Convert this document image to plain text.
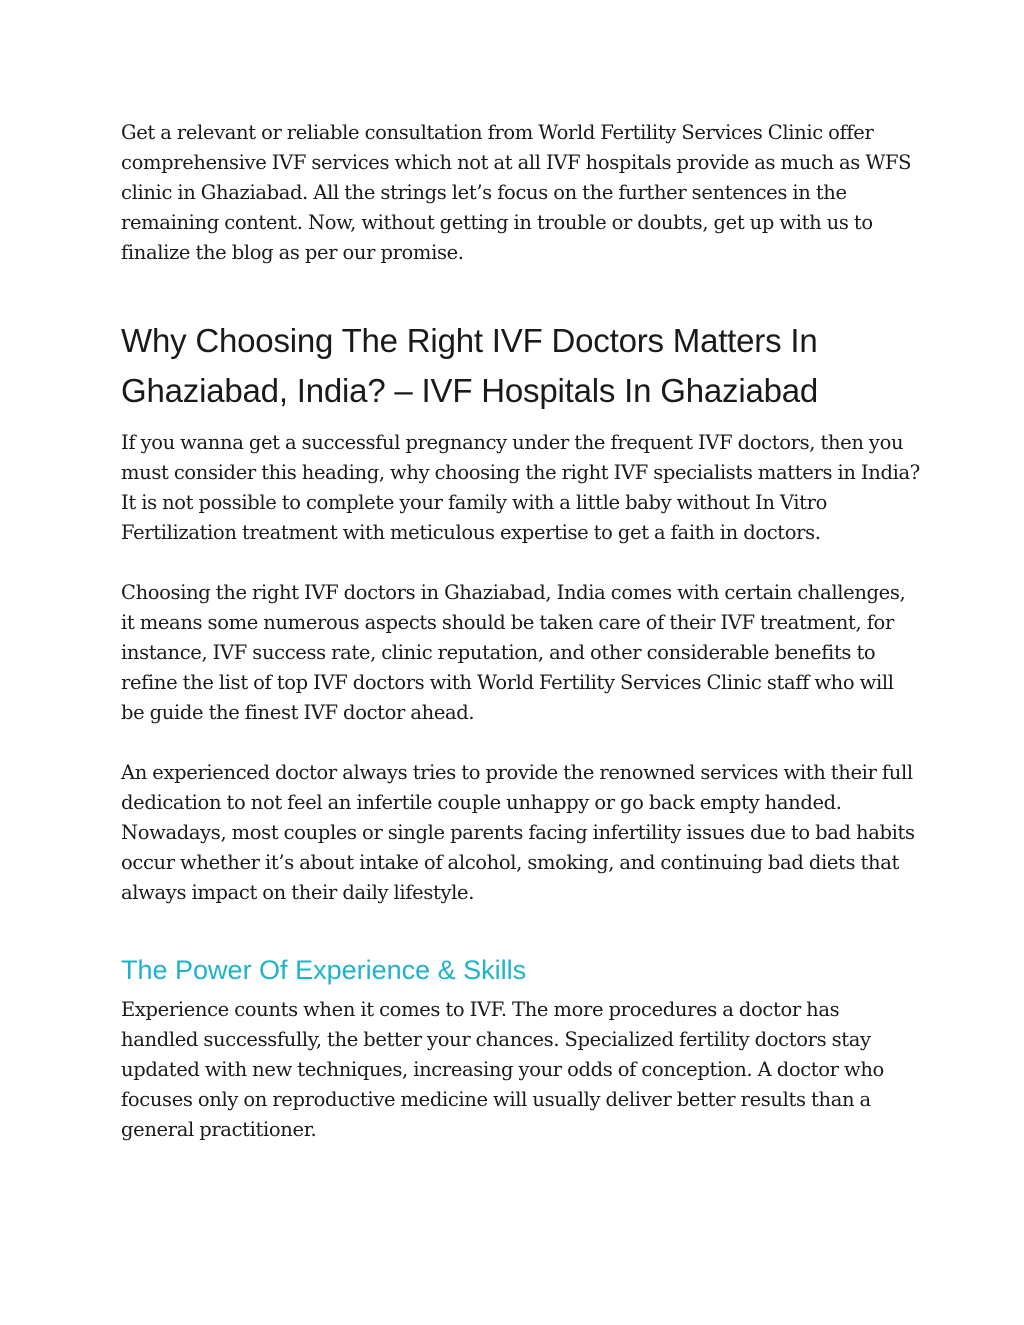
Get a relevant or reliable consultation from World Fertility Services Clinic offer comprehensive IVF services which not at all IVF hospitals provide as much as WFS clinic in Ghaziabad. All the strings let’s focus on the further sentences in the remaining content. Now, without getting in trouble or doubts, get up with us to finalize the blog as per our promise.

Why Choosing The Right IVF Doctors Matters In Ghaziabad, India? – IVF Hospitals In Ghaziabad

If you wanna get a successful pregnancy under the frequent IVF doctors, then you must consider this heading, why choosing the right IVF specialists matters in India? It is not possible to complete your family with a little baby without In Vitro Fertilization treatment with meticulous expertise to get a faith in doctors.

Choosing the right IVF doctors in Ghaziabad, India comes with certain challenges, it means some numerous aspects should be taken care of their IVF treatment, for instance, IVF success rate, clinic reputation, and other considerable benefits to refine the list of top IVF doctors with World Fertility Services Clinic staff who will be guide the finest IVF doctor ahead.

An experienced doctor always tries to provide the renowned services with their full dedication to not feel an infertile couple unhappy or go back empty handed. Nowadays, most couples or single parents facing infertility issues due to bad habits occur whether it’s about intake of alcohol, smoking, and continuing bad diets that always impact on their daily lifestyle.

The Power Of Experience & Skills

Experience counts when it comes to IVF. The more procedures a doctor has handled successfully, the better your chances. Specialized fertility doctors stay updated with new techniques, increasing your odds of conception. A doctor who focuses only on reproductive medicine will usually deliver better results than a general practitioner.
